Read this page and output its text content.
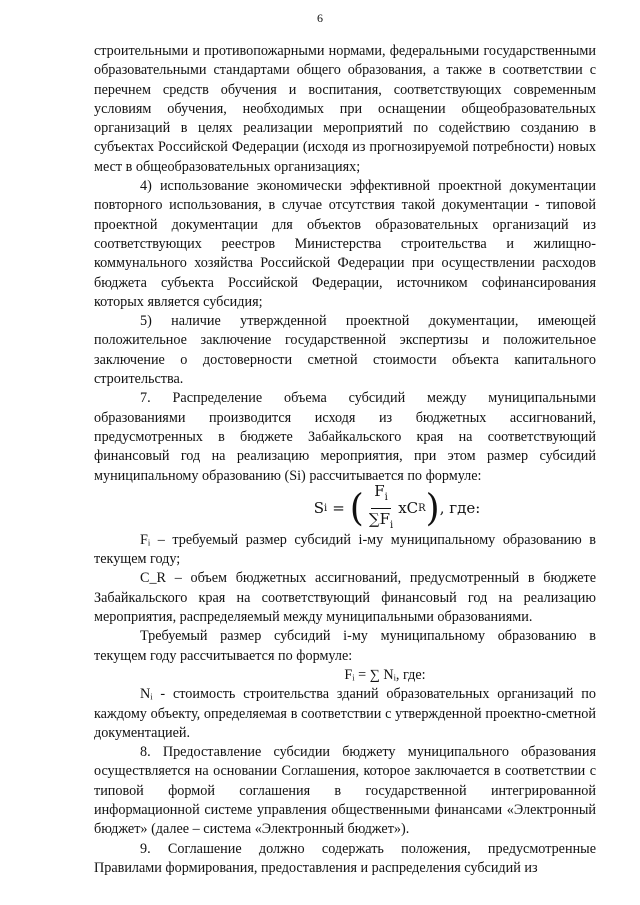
6

строительными и противопожарными нормами, федеральными государственными образовательными стандартами общего образования, а также в соответствии с перечнем средств обучения и воспитания, соответствующих современным условиям обучения, необходимых при оснащении общеобразовательных организаций в целях реализации мероприятий по содействию созданию в субъектах Российской Федерации (исходя из прогнозируемой потребности) новых мест в общеобразовательных организациях;

4) использование экономически эффективной проектной документации повторного использования, в случае отсутствия такой документации - типовой проектной документации для объектов образовательных организаций из соответствующих реестров Министерства строительства и жилищно-коммунального хозяйства Российской Федерации при осуществлении расходов бюджета субъекта Российской Федерации, источником софинансирования которых является субсидия;

5) наличие утвержденной проектной документации, имеющей положительное заключение государственной экспертизы и положительное заключение о достоверности сметной стоимости объекта капитального строительства.

7. Распределение объема субсидий между муниципальными образованиями производится исходя из бюджетных ассигнований, предусмотренных в бюджете Забайкальского края на соответствующий финансовый год на реализацию мероприятия, при этом размер субсидий муниципальному образованию (Si) рассчитывается по формуле:

S i = ( $\frac{F_i}{\sum F_i}$ xC R ) , где:

Fᵢ – требуемый размер субсидий i-му муниципальному образованию в текущем году;

C_R – объем бюджетных ассигнований, предусмотренный в бюджете Забайкальского края на соответствующий финансовый год на реализацию мероприятия, распределяемый между муниципальными образованиями.

Требуемый размер субсидий i-му муниципальному образованию в текущем году рассчитывается по формуле:

Fᵢ = ∑ Nᵢ, где:

Nᵢ - стоимость строительства зданий образовательных организаций по каждому объекту, определяемая в соответствии с утвержденной проектно-сметной документацией.

8. Предоставление субсидии бюджету муниципального образования осуществляется на основании Соглашения, которое заключается в соответствии с типовой формой соглашения в государственной интегрированной информационной системе управления общественными финансами «Электронный бюджет» (далее – система «Электронный бюджет»).

9. Соглашение должно содержать положения, предусмотренные Правилами формирования, предоставления и распределения субсидий из
